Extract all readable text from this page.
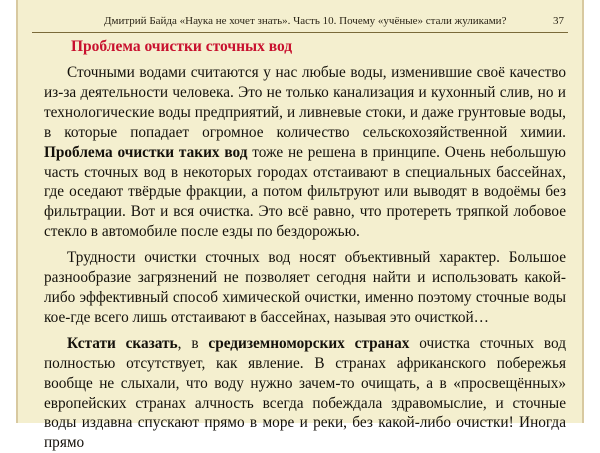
Дмитрий Байда «Наука не хочет знать». Часть 10. Почему «учёные» стали жуликами?	37
Проблема очистки сточных вод

Сточными водами считаются у нас любые воды, изменившие своё качество из-за деятельности человека. Это не только канализация и кухонный слив, но и технологические воды предприятий, и ливневые стоки, и даже грунтовые воды, в которые попадает огромное количество сельскохозяйственной химии. Проблема очистки таких вод тоже не решена в принципе. Очень небольшую часть сточных вод в некоторых городах отстаивают в специальных бассейнах, где оседают твёрдые фракции, а потом фильтруют или выводят в водоёмы без фильтрации. Вот и вся очистка. Это всё равно, что протереть тряпкой лобовое стекло в автомобиле после езды по бездорожью.

Трудности очистки сточных вод носят объективный характер. Большое разнообразие загрязнений не позволяет сегодня найти и использовать какой-либо эффективный способ химической очистки, именно поэтому сточные воды кое-где всего лишь отстаивают в бассейнах, называя это очисткой…

Кстати сказать, в средиземноморских странах очистка сточных вод полностью отсутствует, как явление. В странах африканского побережья вообще не слыхали, что воду нужно зачем-то очищать, а в «просвещённых» европейских странах алчность всегда побеждала здравомыслие, и сточные воды издавна спускают прямо в море и реки, без какой-либо очистки! Иногда прямо
